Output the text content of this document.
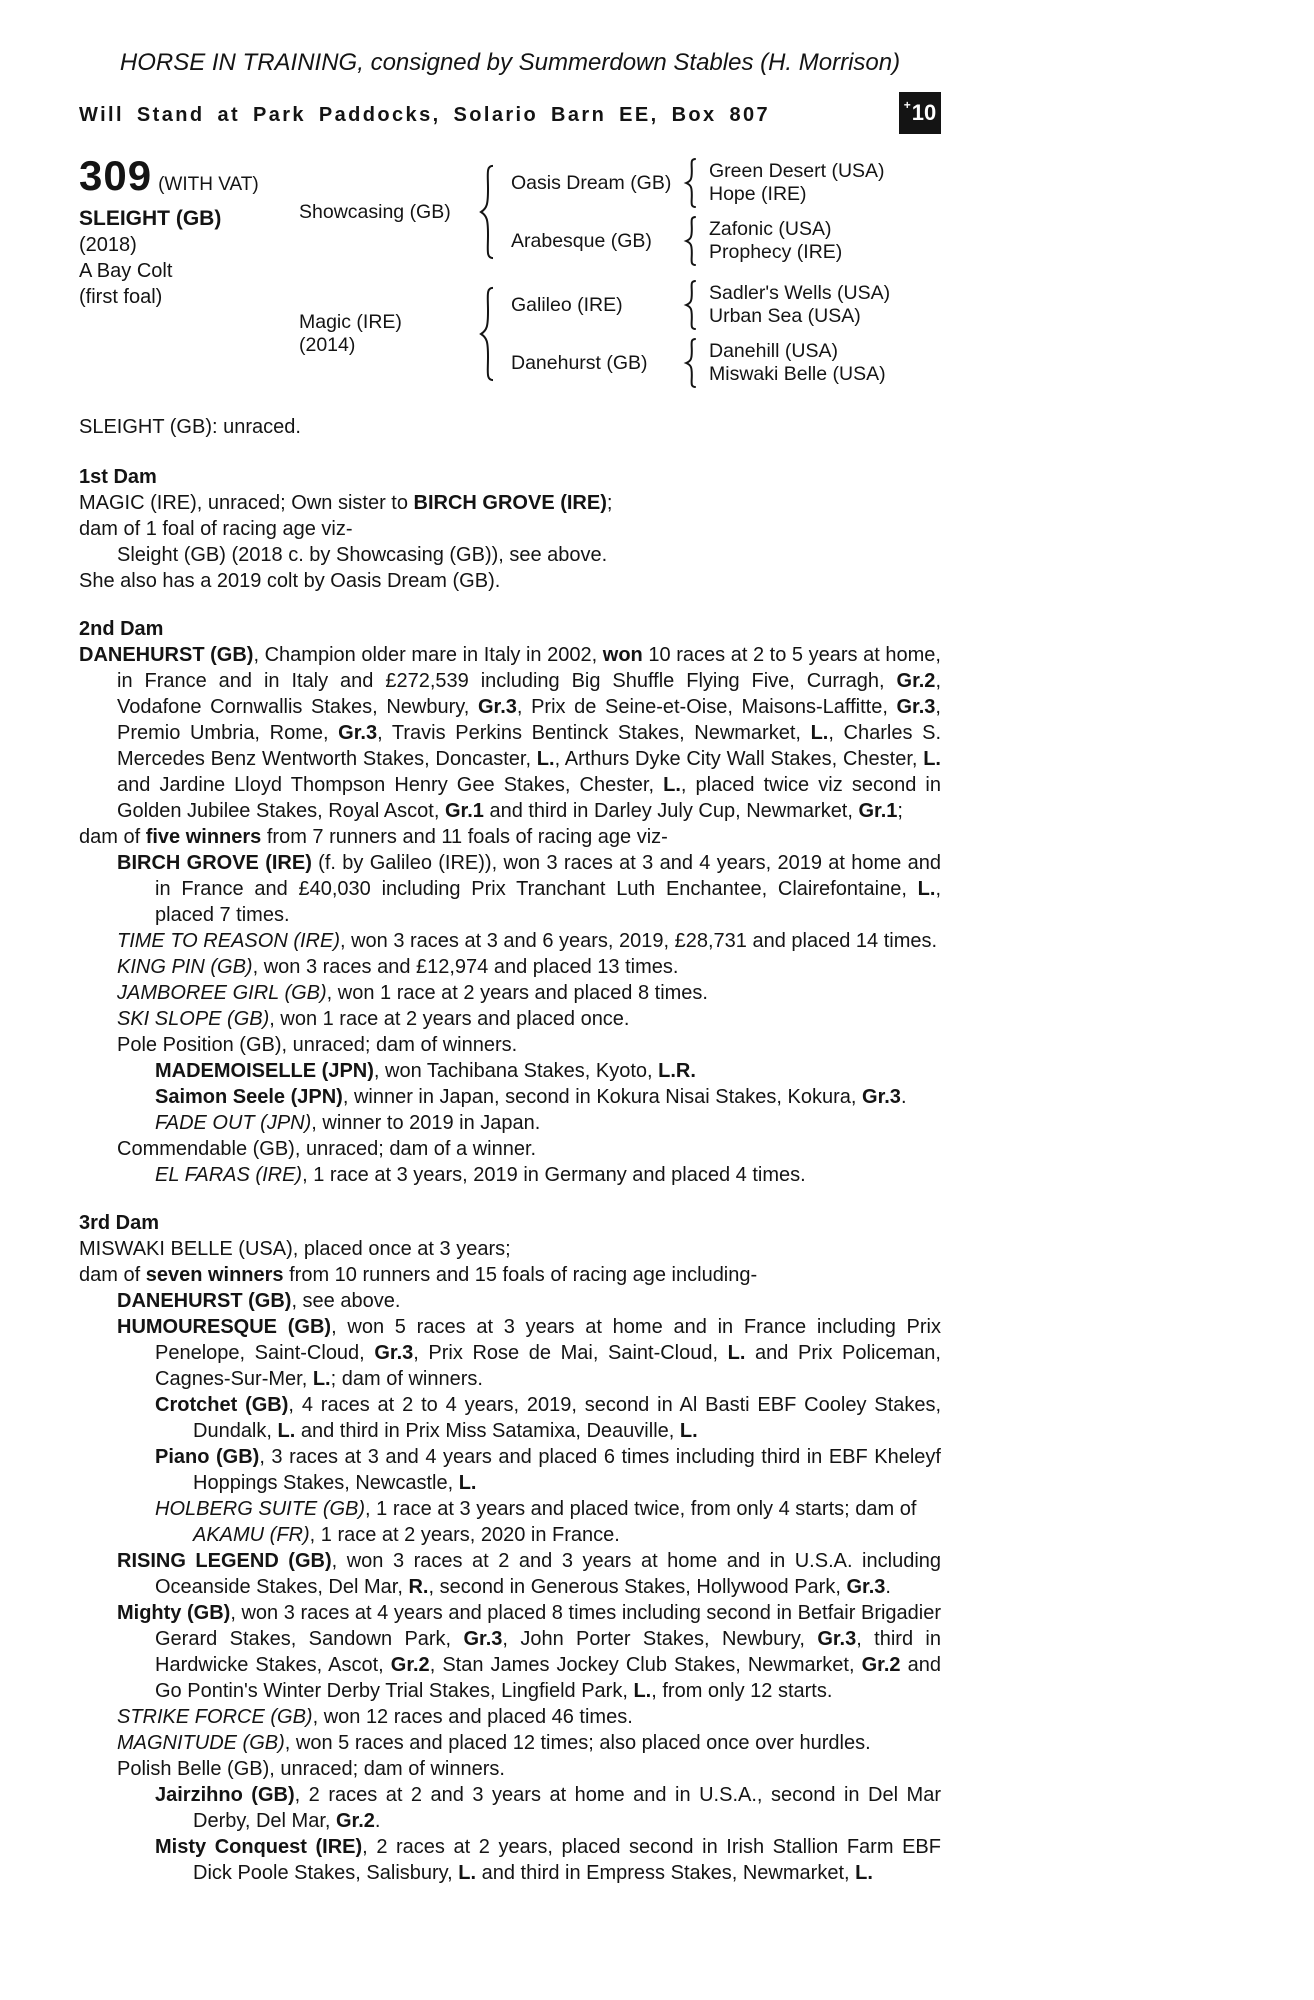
HORSE IN TRAINING, consigned by Summerdown Stables (H. Morrison)
Will Stand at Park Paddocks, Solario Barn EE, Box 807	+ 10
309 (WITH VAT)
SLEIGHT (GB)
(2018)
A Bay Colt
(first foal)
Showcasing (GB)
Oasis Dream (GB)
Green Desert (USA)
Hope (IRE)
Arabesque (GB)
Zafonic (USA)
Prophecy (IRE)
Magic (IRE)
(2014)
Galileo (IRE)
Sadler's Wells (USA)
Urban Sea (USA)
Danehurst (GB)
Danehill (USA)
Miswaki Belle (USA)

SLEIGHT (GB): unraced.

1st Dam

MAGIC (IRE), unraced; Own sister to BIRCH GROVE (IRE);

dam of 1 foal of racing age viz-

Sleight (GB) (2018 c. by Showcasing (GB)), see above.

She also has a 2019 colt by Oasis Dream (GB).

2nd Dam

DANEHURST (GB), Champion older mare in Italy in 2002, won 10 races at 2 to 5 years at home, in France and in Italy and £272,539 including Big Shuffle Flying Five, Curragh, Gr.2, Vodafone Cornwallis Stakes, Newbury, Gr.3, Prix de Seine-et-Oise, Maisons-Laffitte, Gr.3, Premio Umbria, Rome, Gr.3, Travis Perkins Bentinck Stakes, Newmarket, L., Charles S. Mercedes Benz Wentworth Stakes, Doncaster, L., Arthurs Dyke City Wall Stakes, Chester, L. and Jardine Lloyd Thompson Henry Gee Stakes, Chester, L., placed twice viz second in Golden Jubilee Stakes, Royal Ascot, Gr.1 and third in Darley July Cup, Newmarket, Gr.1;

dam of five winners from 7 runners and 11 foals of racing age viz-

BIRCH GROVE (IRE) (f. by Galileo (IRE)), won 3 races at 3 and 4 years, 2019 at home and in France and £40,030 including Prix Tranchant Luth Enchantee, Clairefontaine, L., placed 7 times.

TIME TO REASON (IRE), won 3 races at 3 and 6 years, 2019, £28,731 and placed 14 times.

KING PIN (GB), won 3 races and £12,974 and placed 13 times.

JAMBOREE GIRL (GB), won 1 race at 2 years and placed 8 times.

SKI SLOPE (GB), won 1 race at 2 years and placed once.

Pole Position (GB), unraced; dam of winners.

MADEMOISELLE (JPN), won Tachibana Stakes, Kyoto, L.R.

Saimon Seele (JPN), winner in Japan, second in Kokura Nisai Stakes, Kokura, Gr.3.

FADE OUT (JPN), winner to 2019 in Japan.

Commendable (GB), unraced; dam of a winner.

EL FARAS (IRE), 1 race at 3 years, 2019 in Germany and placed 4 times.

3rd Dam

MISWAKI BELLE (USA), placed once at 3 years;

dam of seven winners from 10 runners and 15 foals of racing age including-

DANEHURST (GB), see above.

HUMOURESQUE (GB), won 5 races at 3 years at home and in France including Prix Penelope, Saint-Cloud, Gr.3, Prix Rose de Mai, Saint-Cloud, L. and Prix Policeman, Cagnes-Sur-Mer, L.; dam of winners.

Crotchet (GB), 4 races at 2 to 4 years, 2019, second in Al Basti EBF Cooley Stakes, Dundalk, L. and third in Prix Miss Satamixa, Deauville, L.

Piano (GB), 3 races at 3 and 4 years and placed 6 times including third in EBF Kheleyf Hoppings Stakes, Newcastle, L.

HOLBERG SUITE (GB), 1 race at 3 years and placed twice, from only 4 starts; dam of

AKAMU (FR), 1 race at 2 years, 2020 in France.

RISING LEGEND (GB), won 3 races at 2 and 3 years at home and in U.S.A. including Oceanside Stakes, Del Mar, R., second in Generous Stakes, Hollywood Park, Gr.3.

Mighty (GB), won 3 races at 4 years and placed 8 times including second in Betfair Brigadier Gerard Stakes, Sandown Park, Gr.3, John Porter Stakes, Newbury, Gr.3, third in Hardwicke Stakes, Ascot, Gr.2, Stan James Jockey Club Stakes, Newmarket, Gr.2 and Go Pontin's Winter Derby Trial Stakes, Lingfield Park, L., from only 12 starts.

STRIKE FORCE (GB), won 12 races and placed 46 times.

MAGNITUDE (GB), won 5 races and placed 12 times; also placed once over hurdles.

Polish Belle (GB), unraced; dam of winners.

Jairzihno (GB), 2 races at 2 and 3 years at home and in U.S.A., second in Del Mar Derby, Del Mar, Gr.2.

Misty Conquest (IRE), 2 races at 2 years, placed second in Irish Stallion Farm EBF Dick Poole Stakes, Salisbury, L. and third in Empress Stakes, Newmarket, L.
